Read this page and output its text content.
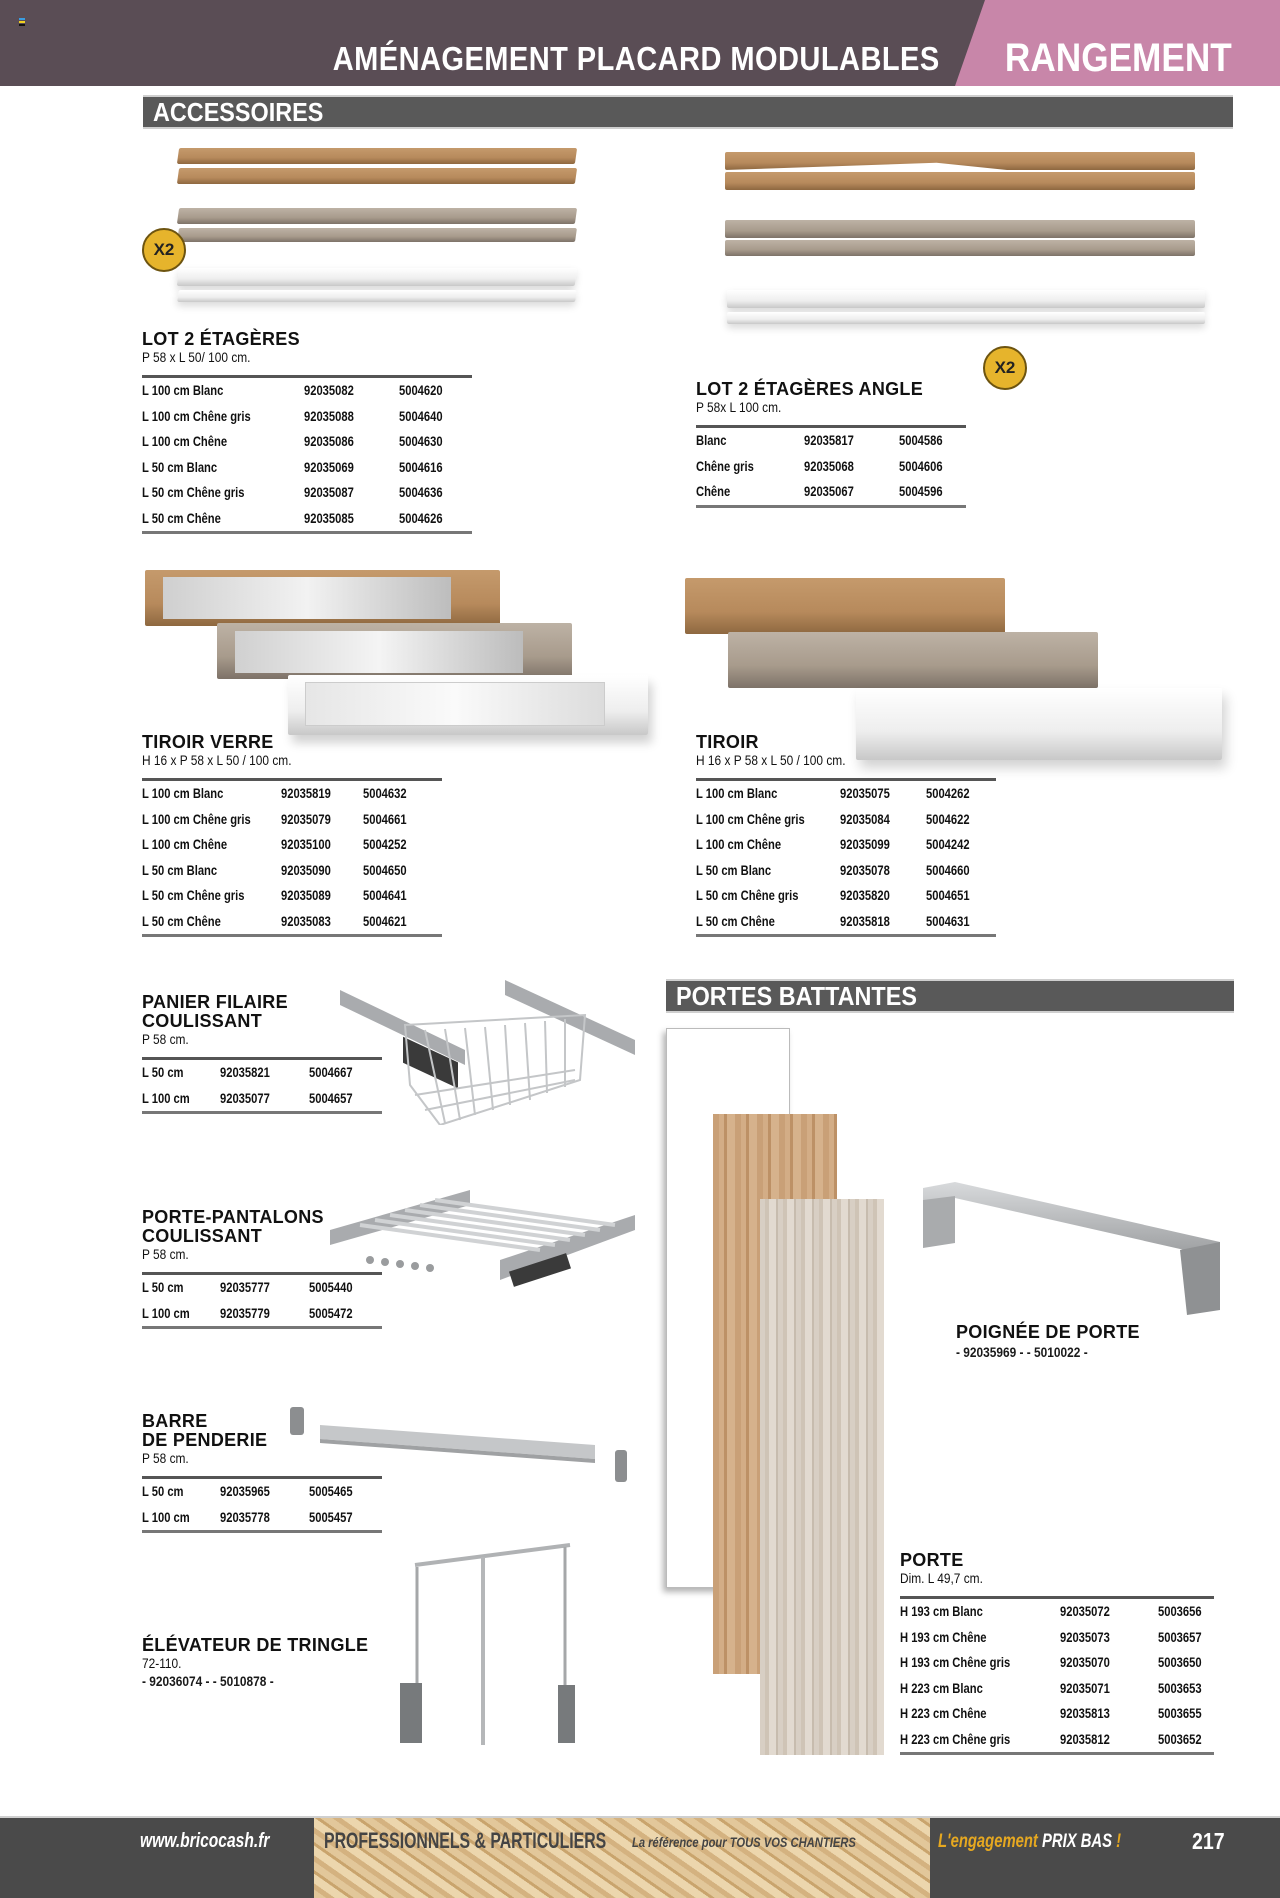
AMÉNAGEMENT PLACARD MODULABLES RANGEMENT
ACCESSOIRES
X2
LOT 2 ÉTAGÈRES
P 58 x L 50/ 100 cm.
L 100 cm Blanc	92035082	5004620
L 100 cm Chêne gris	92035088	5004640
L 100 cm Chêne	92035086	5004630
L 50 cm Blanc	92035069	5004616
L 50 cm Chêne gris	92035087	5004636
L 50 cm Chêne	92035085	5004626
X2
LOT 2 ÉTAGÈRES ANGLE
P 58x L 100 cm.
Blanc	92035817	5004586
Chêne gris	92035068	5004606
Chêne	92035067	5004596
TIROIR VERRE
H 16 x P 58 x L 50 / 100 cm.
L 100 cm Blanc	92035819	5004632
L 100 cm Chêne gris 92035079	5004661
L 100 cm Chêne	92035100	5004252
L 50 cm Blanc	92035090	5004650
L 50 cm Chêne gris	92035089	5004641
L 50 cm Chêne	92035083	5004621
TIROIR
H 16 x P 58 x L 50 / 100 cm.
L 100 cm Blanc	92035075	5004262
L 100 cm Chêne gris	92035084	5004622
L 100 cm Chêne	92035099	5004242
L 50 cm Blanc	92035078	5004660
L 50 cm Chêne gris	92035820	5004651
L 50 cm Chêne	92035818	5004631
PANIER FILAIRE
COULISSANT
P 58 cm.
L 50 cm	92035821	5004667
L 100 cm	92035077	5004657
PORTE-PANTALONS
COULISSANT
P 58 cm.
L 50 cm	92035777	5005440
L 100 cm	92035779	5005472
BARRE
DE PENDERIE
P 58 cm.
L 50 cm	92035965	5005465
L 100 cm	92035778	5005457
ÉLÉVATEUR DE TRINGLE
72-110.
- 92036074 - - 5010878 -
PORTES BATTANTES
POIGNÉE DE PORTE
- 92035969 - - 5010022 -
PORTE
Dim. L 49,7 cm.
H 193 cm Blanc	92035072	5003656
H 193 cm Chêne	92035073	5003657
H 193 cm Chêne gris	92035070	5003650
H 223 cm Blanc	92035071	5003653
H 223 cm Chêne	92035813	5003655
H 223 cm Chêne gris	92035812	5003652
www.bricocash.fr PROFESSIONNELS & PARTICULIERS La référence pour TOUS VOS CHANTIERS	L'engagement PRIX BAS !	217
